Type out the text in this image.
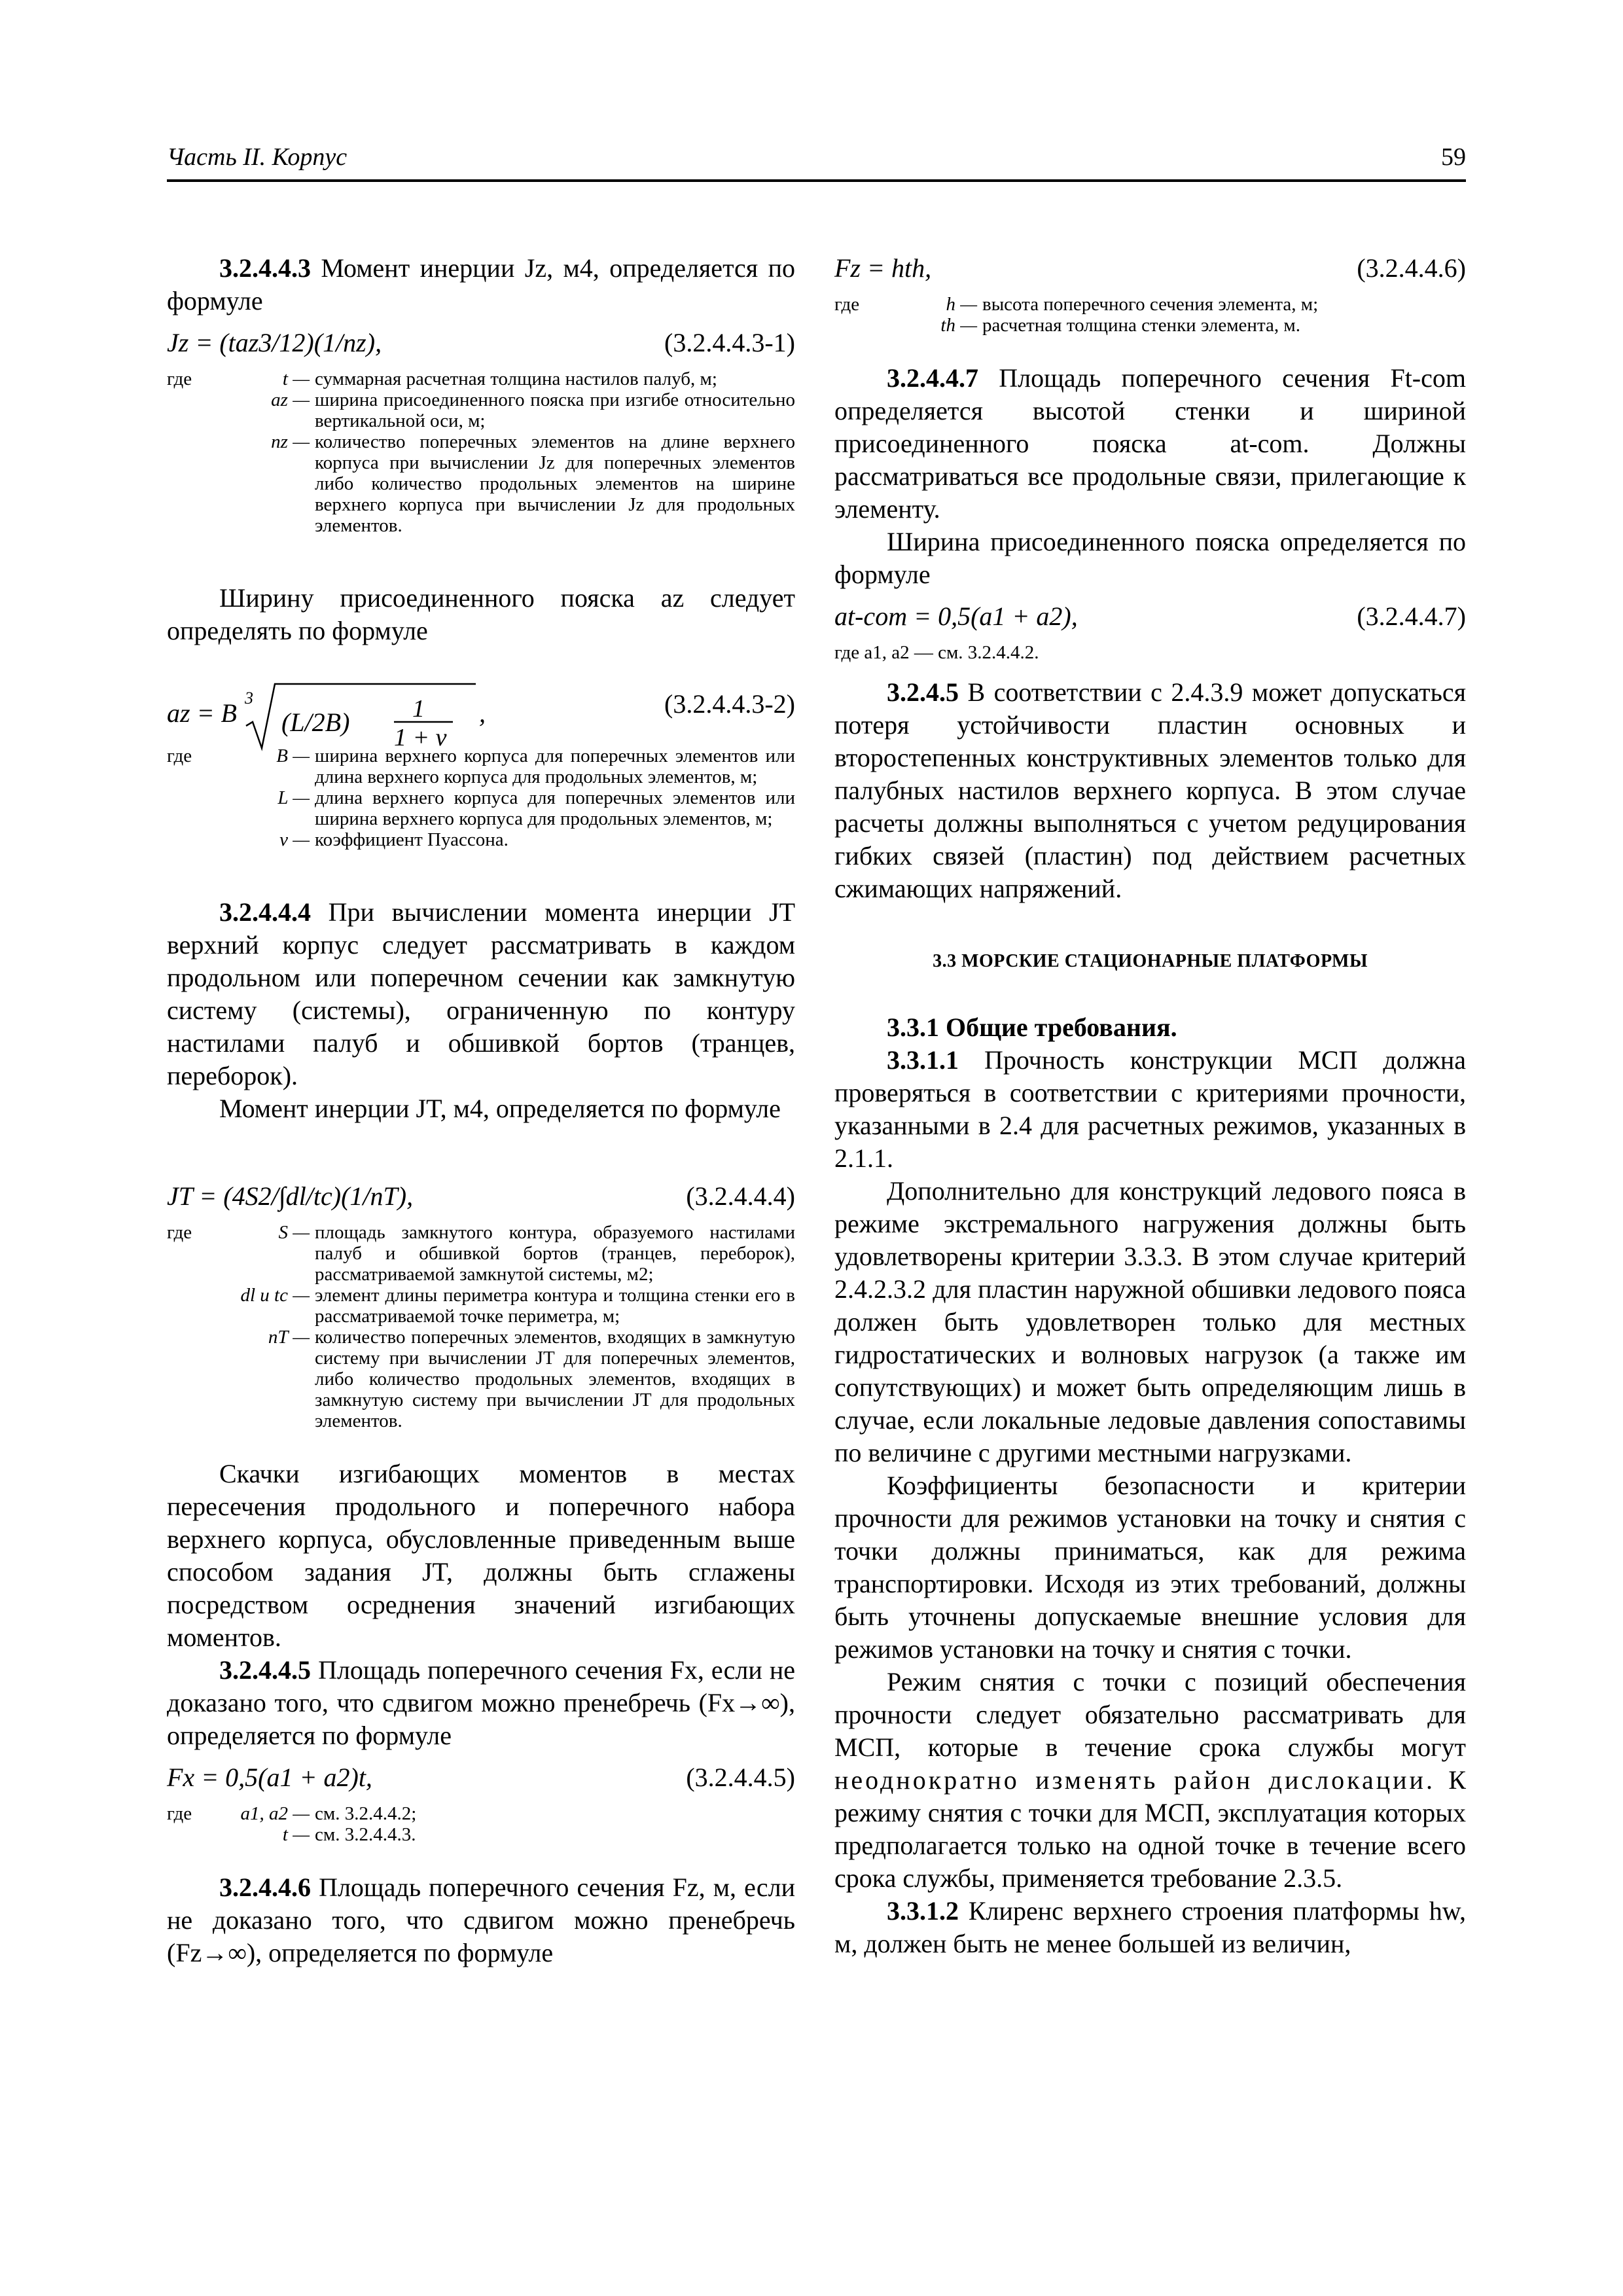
Часть II. Корпус	59

3.2.4.4.3 Момент инерции Jz, м4, определяется по формуле

Jz = (taz3/12)(1/nz),	(3.2.4.4.3-1)
где	t — суммарная расчетная толщина настилов палуб, м;
az — ширина присоединенного пояска при изгибе относительно вертикальной оси, м;
nz — количество поперечных элементов на длине верхнего корпуса при вычислении Jz для поперечных элементов либо количество продольных элементов на ширине верхнего корпуса при вычислении Jz для продольных элементов.

Ширину присоединенного пояска az следует определять по формуле

az = B
3
(L/2B)	1
1 + ν
,	(3.2.4.4.3-2)
где	B — ширина верхнего корпуса для поперечных элементов или длина верхнего корпуса для продольных элементов, м;
L — длина верхнего корпуса для поперечных элементов или ширина верхнего корпуса для продольных элементов, м;
ν — коэффициент Пуассона.

3.2.4.4.4 При вычислении момента инерции JT верхний корпус следует рассматривать в каждом продольном или поперечном сечении как замкнутую систему (системы), ограниченную по контуру настилами палуб и обшивкой бортов (транцев, переборок).

Момент инерции JT, м4, определяется по формуле

JT = (4S2/∫dl/tc)(1/nT),	(3.2.4.4.4)
где	S — площадь замкнутого контура, образуемого настилами палуб и обшивкой бортов (транцев, переборок), рассматриваемой замкнутой системы, м2;
dl и tc — элемент длины периметра контура и толщина стенки его в рассматриваемой точке периметра, м;
nT — количество поперечных элементов, входящих в замкнутую систему при вычислении JT для поперечных элементов, либо количество продольных элементов, входящих в замкнутую систему при вычислении JT для продольных элементов.

Скачки изгибающих моментов в местах пересечения продольного и поперечного набора верхнего корпуса, обусловленные приведенным выше способом задания JT, должны быть сглажены посредством осреднения значений изгибающих моментов.

3.2.4.4.5 Площадь поперечного сечения Fx, если не доказано того, что сдвигом можно пренебречь (Fx→∞), определяется по формуле

Fx = 0,5(a1 + a2)t,	(3.2.4.4.5)
где	a1, a2 — см. 3.2.4.4.2;
t — см. 3.2.4.4.3.

3.2.4.4.6 Площадь поперечного сечения Fz, м, если не доказано того, что сдвигом можно пренебречь (Fz→∞), определяется по формуле

Fz = hth,	(3.2.4.4.6)
где	h — высота поперечного сечения элемента, м;
th — расчетная толщина стенки элемента, м.

3.2.4.4.7 Площадь поперечного сечения Ft-com определяется высотой стенки и шириной присоединенного пояска at-com. Должны рассматриваться все продольные связи, прилегающие к элементу.

Ширина присоединенного пояска определяется по формуле

at-com = 0,5(a1 + a2),	(3.2.4.4.7)
где a1, a2 — см. 3.2.4.4.2.

3.2.4.5 В соответствии с 2.4.3.9 может допускаться потеря устойчивости пластин основных и второстепенных конструктивных элементов только для палубных настилов верхнего корпуса. В этом случае расчеты должны выполняться с учетом редуцирования гибких связей (пластин) под действием расчетных сжимающих напряжений.

3.3 МОРСКИЕ СТАЦИОНАРНЫЕ ПЛАТФОРМЫ
3.3.1 Общие требования.

3.3.1.1 Прочность конструкции МСП должна проверяться в соответствии с критериями прочности, указанными в 2.4 для расчетных режимов, указанных в 2.1.1.

Дополнительно для конструкций ледового пояса в режиме экстремального нагружения должны быть удовлетворены критерии 3.3.3. В этом случае критерий 2.4.2.3.2 для пластин наружной обшивки ледового пояса должен быть удовлетворен только для местных гидростатических и волновых нагрузок (а также им сопутствующих) и может быть определяющим лишь в случае, если локальные ледовые давления сопоставимы по величине с другими местными нагрузками.

Коэффициенты безопасности и критерии прочности для режимов установки на точку и снятия с точки должны приниматься, как для режима транспортировки. Исходя из этих требований, должны быть уточнены допускаемые внешние условия для режимов установки на точку и снятия с точки.

Режим снятия с точки с позиций обеспечения прочности следует обязательно рассматривать для МСП, которые в течение срока службы могут неоднократно изменять район дислокации. К режиму снятия с точки для МСП, эксплуатация которых предполагается только на одной точке в течение всего срока службы, применяется требование 2.3.5.

3.3.1.2 Клиренс верхнего строения платформы hw, м, должен быть не менее большей из величин,
